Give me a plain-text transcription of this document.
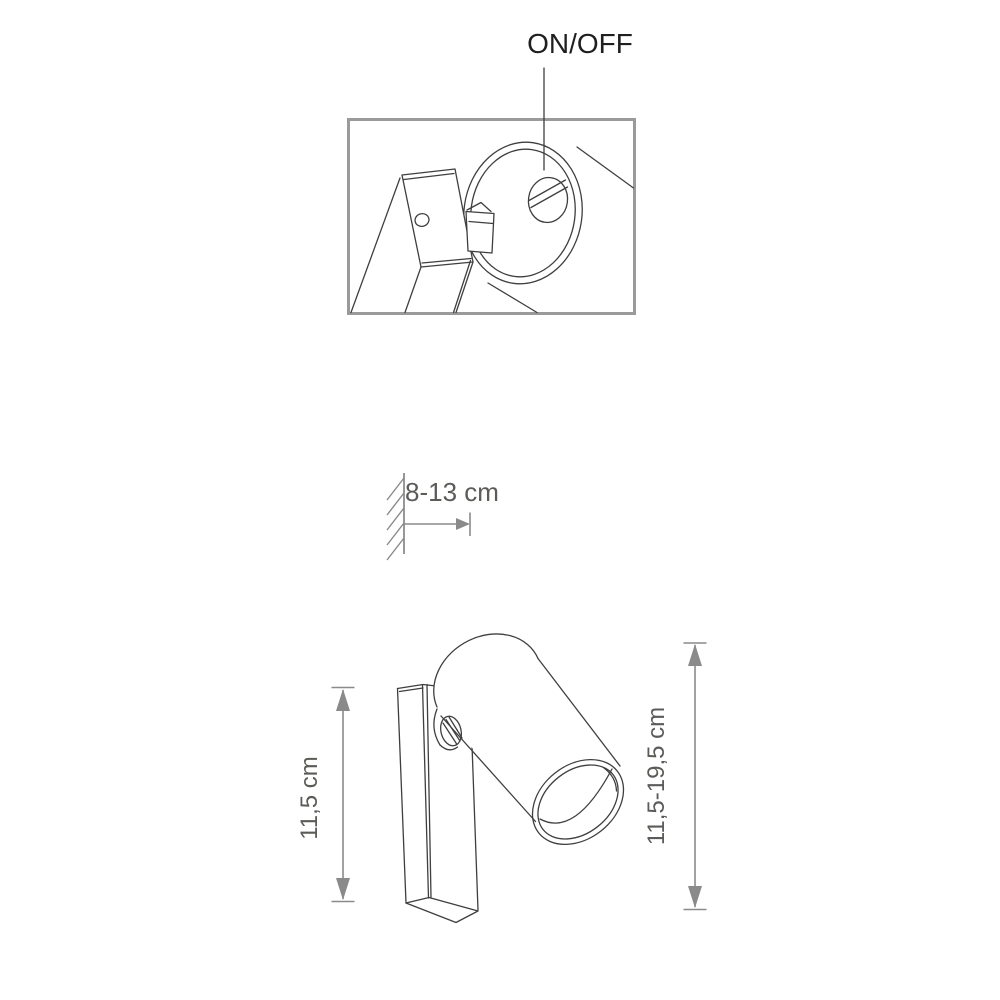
ON/OFF
8-13 cm
11,5 cm	11,5-19,5 cm
